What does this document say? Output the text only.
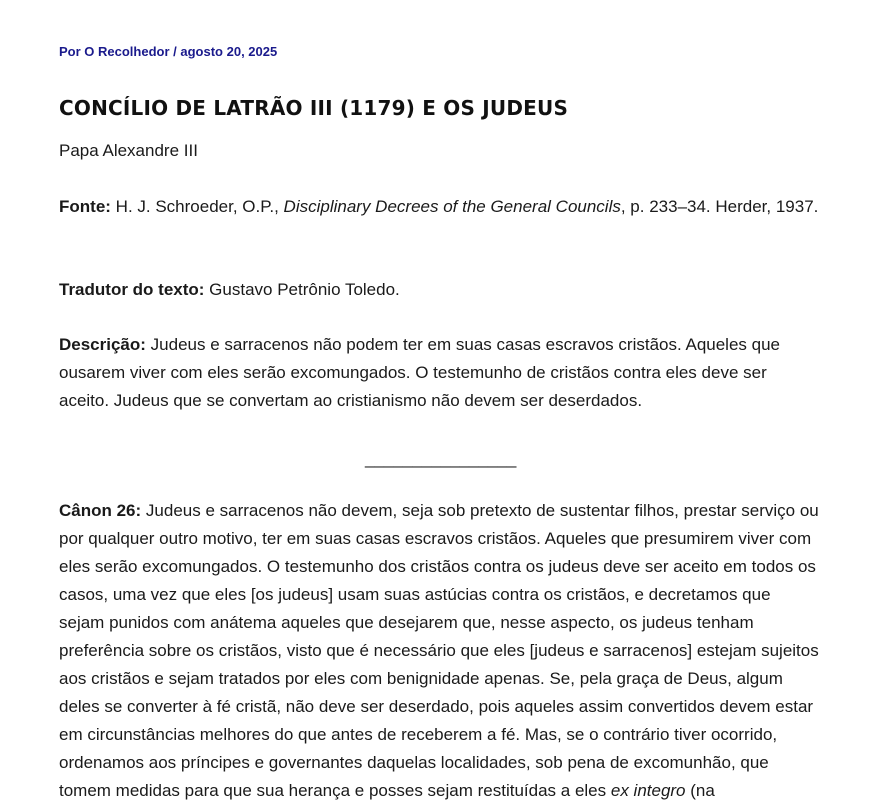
Por O Recolhedor / agosto 20, 2025
CONCÍLIO DE LATRÃO III (1179) E OS JUDEUS

Papa Alexandre III

Fonte: H. J. Schroeder, O.P., Disciplinary Decrees of the General Councils, p. 233–34. Herder, 1937.

Tradutor do texto: Gustavo Petrônio Toledo.

Descrição: Judeus e sarracenos não podem ter em suas casas escravos cristãos. Aqueles que ousarem viver com eles serão excomungados. O testemunho de cristãos contra eles deve ser aceito. Judeus que se convertam ao cristianismo não devem ser deserdados.

________________

Cânon 26: Judeus e sarracenos não devem, seja sob pretexto de sustentar filhos, prestar serviço ou por qualquer outro motivo, ter em suas casas escravos cristãos. Aqueles que presumirem viver com eles serão excomungados. O testemunho dos cristãos contra os judeus deve ser aceito em todos os casos, uma vez que eles [os judeus] usam suas astúcias contra os cristãos, e decretamos que sejam punidos com anátema aqueles que desejarem que, nesse aspecto, os judeus tenham preferência sobre os cristãos, visto que é necessário que eles [judeus e sarracenos] estejam sujeitos aos cristãos e sejam tratados por eles com benignidade apenas. Se, pela graça de Deus, algum deles se converter à fé cristã, não deve ser deserdado, pois aqueles assim convertidos devem estar em circunstâncias melhores do que antes de receberem a fé. Mas, se o contrário tiver ocorrido, ordenamos aos príncipes e governantes daquelas localidades, sob pena de excomunhão, que tomem medidas para que sua herança e posses sejam restituídas a eles ex integro (na
